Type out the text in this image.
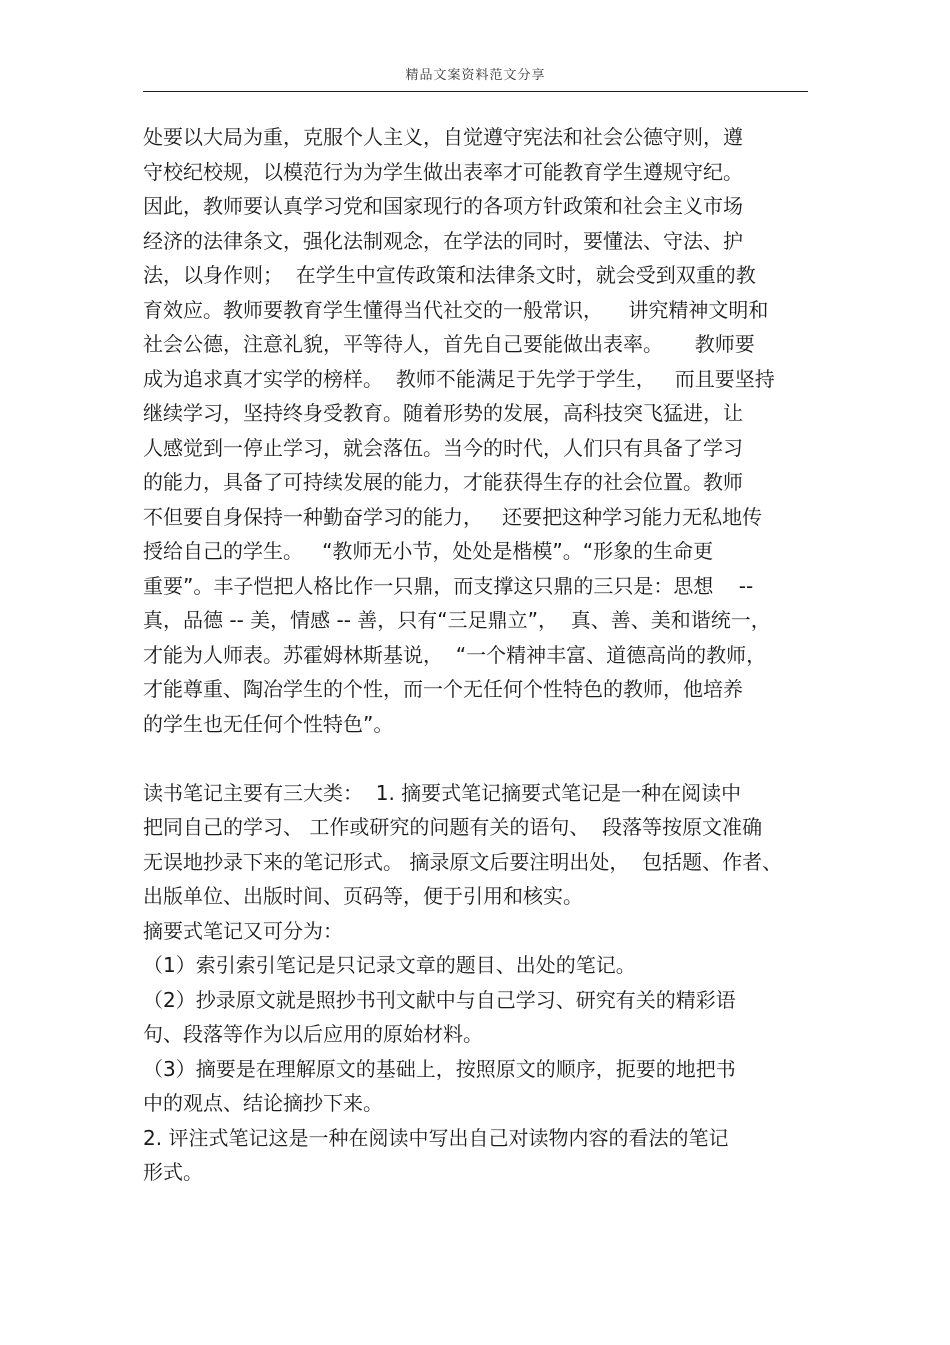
精品文案资料范文分享
处要以大局为重，克服个人主义，自觉遵守宪法和社会公德守则，遵
守校纪校规，以模范行为为学生做出表率才可能教育学生遵规守纪。
因此，教师要认真学习党和国家现行的各项方针政策和社会主义市场
经济的法律条文，强化法制观念，在学法的同时，要懂法、守法、护
法，以身作则；  在学生中宣传政策和法律条文时，就会受到双重的教
育效应。教师要教育学生懂得当代社交的一般常识，    讲究精神文明和
社会公德，注意礼貌，平等待人，首先自己要能做出表率。     教师要
成为追求真才实学的榜样。  教师不能满足于先学于学生，   而且要坚持
继续学习，坚持终身受教育。随着形势的发展，高科技突飞猛进，让
人感觉到一停止学习，就会落伍。当今的时代，人们只有具备了学习
的能力，具备了可持续发展的能力，才能获得生存的社会位置。教师
不但要自身保持一种勤奋学习的能力，   还要把这种学习能力无私地传
授给自己的学生。   “教师无小节，处处是楷模”。“形象的生命更
重要”。丰子恺把人格比作一只鼎，而支撑这只鼎的三只是：思想    --
真，品德 -- 美，情感 -- 善，只有“三足鼎立”，  真、善、美和谐统一，
才能为人师表。苏霍姆林斯基说，  “一个精神丰富、道德高尚的教师，
才能尊重、陶冶学生的个性，而一个无任何个性特色的教师，他培养
的学生也无任何个性特色”。
读书笔记主要有三大类：  1. 摘要式笔记摘要式笔记是一种在阅读中
把同自己的学习、 工作或研究的问题有关的语句、  段落等按原文准确
无误地抄录下来的笔记形式。 摘录原文后要注明出处，  包括题、作者、
出版单位、出版时间、页码等，便于引用和核实。
摘要式笔记又可分为：
（1）索引索引笔记是只记录文章的题目、出处的笔记。
（2）抄录原文就是照抄书刊文献中与自己学习、研究有关的精彩语
句、段落等作为以后应用的原始材料。
（3）摘要是在理解原文的基础上，按照原文的顺序，扼要的地把书
中的观点、结论摘抄下来。
2. 评注式笔记这是一种在阅读中写出自己对读物内容的看法的笔记
形式。
